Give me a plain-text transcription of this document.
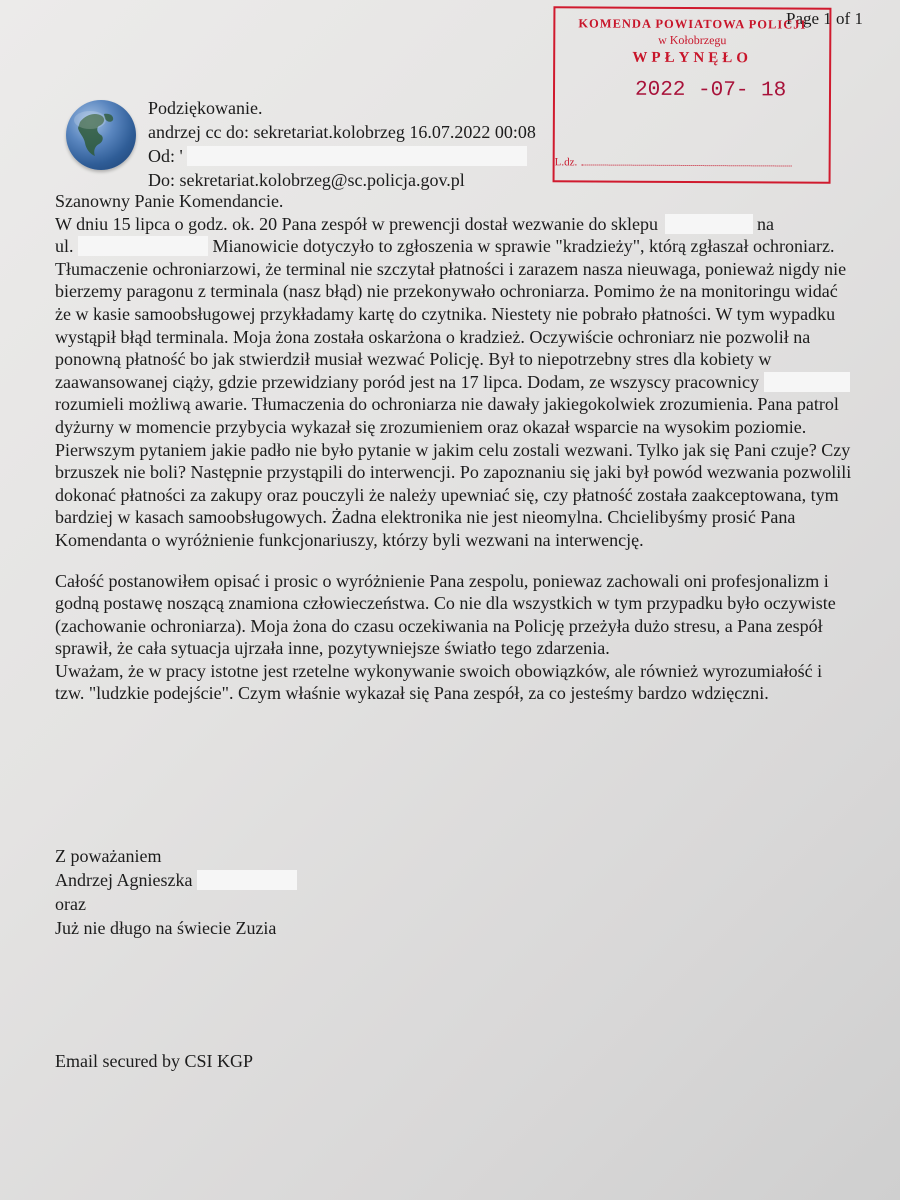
Page 1 of 1
KOMENDA POWIATOWA POLICJI
w Kołobrzegu
WPŁYNĘŁO
2022 -07- 18
L.dz.
Podziękowanie.
andrzej cc do: sekretariat.kolobrzeg 16.07.2022 00:08
Od: '
Do: sekretariat.kolobrzeg@sc.policja.gov.pl

Szanowny Panie Komendancie.

W dniu 15 lipca o godz. ok. 20 Pana zespół w prewencji dostał wezwanie do sklepu	na

ul.	Mianowicie dotyczyło to zgłoszenia w sprawie "kradzieży", którą zgłaszał ochroniarz. Tłumaczenie ochroniarzowi, że terminal nie szczytał płatności i zarazem nasza nieuwaga, ponieważ nigdy nie bierzemy paragonu z terminala (nasz błąd) nie przekonywało ochroniarza. Pomimo że na monitoringu widać że w kasie samoobsługowej przykładamy kartę do czytnika. Niestety nie pobrało płatności. W tym wypadku wystąpił błąd terminala. Moja żona została oskarżona o kradzież. Oczywiście ochroniarz nie pozwolił na ponowną płatność bo jak stwierdził musiał wezwać Policję. Był to niepotrzebny stres dla kobiety w zaawansowanej ciąży, gdzie przewidziany poród jest na 17 lipca. Dodam, ze wszyscy pracownicy  rozumieli możliwą awarie. Tłumaczenia do ochroniarza nie dawały jakiegokolwiek zrozumienia. Pana patrol dyżurny w momencie przybycia wykazał się zrozumieniem oraz okazał wsparcie na wysokim poziomie. Pierwszym pytaniem jakie padło nie było pytanie w jakim celu zostali wezwani. Tylko jak się Pani czuje? Czy brzuszek nie boli? Następnie przystąpili do interwencji. Po zapoznaniu się jaki był powód wezwania pozwolili dokonać płatności za zakupy oraz pouczyli że należy upewniać się, czy płatność została zaakceptowana, tym bardziej w kasach samoobsługowych. Żadna elektronika nie jest nieomylna. Chcielibyśmy prosić Pana Komendanta o wyróżnienie funkcjonariuszy, którzy byli wezwani na interwencję.

Całość postanowiłem opisać i prosic o wyróżnienie Pana zespolu, poniewaz zachowali oni profesjonalizm i godną postawę noszącą znamiona człowieczeństwa. Co nie dla wszystkich w tym przypadku było oczywiste (zachowanie ochroniarza). Moja żona do czasu oczekiwania na Policję przeżyła dużo stresu, a Pana zespół sprawił, że cała sytuacja ujrzała inne, pozytywniejsze światło tego zdarzenia.

Uważam, że w pracy istotne jest rzetelne wykonywanie swoich obowiązków, ale również wyrozumiałość i tzw. "ludzkie podejście". Czym właśnie wykazał się Pana zespół, za co jesteśmy bardzo wdzięczni.

Z poważaniem
Andrzej Agnieszka
oraz
Już nie długo na świecie Zuzia
Email secured by CSI KGP
